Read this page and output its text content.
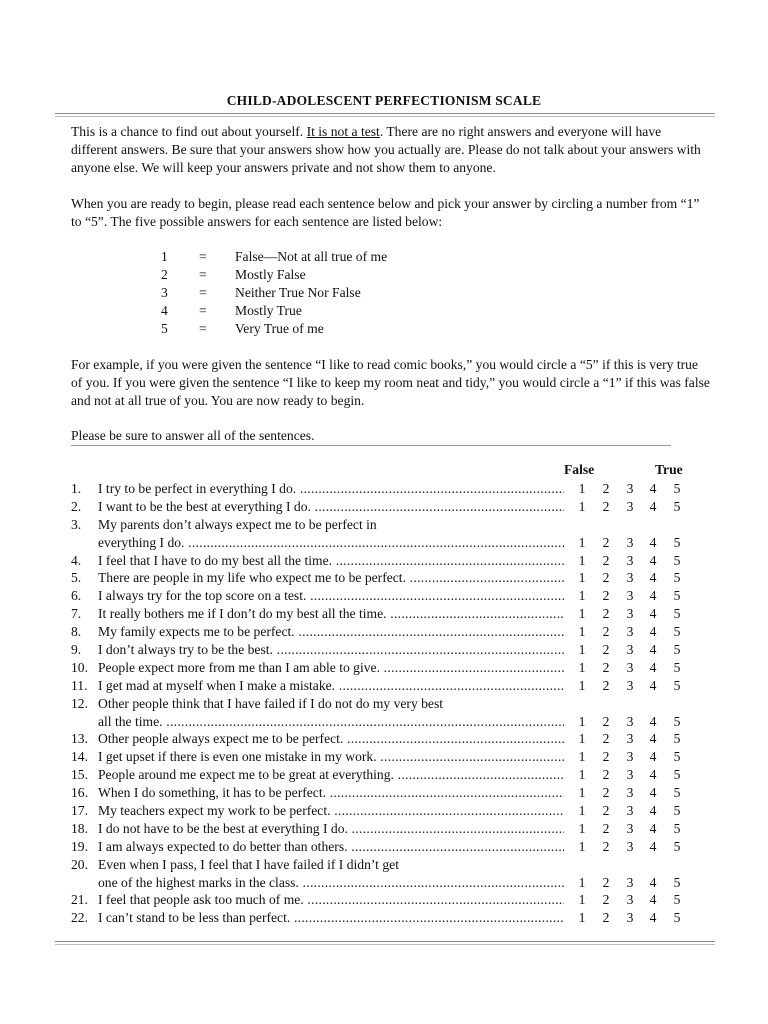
CHILD-ADOLESCENT PERFECTIONISM SCALE
This is a chance to find out about yourself. It is not a test. There are no right answers and everyone will have different answers. Be sure that your answers show how you actually are. Please do not talk about your answers with anyone else. We will keep your answers private and not show them to anyone.
When you are ready to begin, please read each sentence below and pick your answer by circling a number from “1” to “5”. The five possible answers for each sentence are listed below:
1 = False—Not at all true of me
2 = Mostly False
3 = Neither True Nor False
4 = Mostly True
5 = Very True of me
For example, if you were given the sentence “I like to read comic books,” you would circle a “5” if this is very true of you. If you were given the sentence “I like to keep my room neat and tidy,” you would circle a “1” if this was false and not at all true of you. You are now ready to begin.
Please be sure to answer all of the sentences.
False	True
1.	I try to be perfect in everything I do. .....	1 2 3 4 5
2.	I want to be the best at everything I do. .....	1 2 3 4 5
3.	My parents don’t always expect me to be perfect in
everything I do. .....	1 2 3 4 5
4.	I feel that I have to do my best all the time. .....	1 2 3 4 5
5.	There are people in my life who expect me to be perfect. .....	1 2 3 4 5
6.	I always try for the top score on a test. .....	1 2 3 4 5
7.	It really bothers me if I don’t do my best all the time. .....	1 2 3 4 5
8.	My family expects me to be perfect. .....	1 2 3 4 5
9.	I don’t always try to be the best. .....	1 2 3 4 5
10. People expect more from me than I am able to give. .....	1 2 3 4 5
11. I get mad at myself when I make a mistake. .....	1 2 3 4 5
12. Other people think that I have failed if I do not do my very best
all the time. .....	1 2 3 4 5
13. Other people always expect me to be perfect. .....	1 2 3 4 5
14. I get upset if there is even one mistake in my work. .....	1 2 3 4 5
15. People around me expect me to be great at everything. .....	1 2 3 4 5
16. When I do something, it has to be perfect. .....	1 2 3 4 5
17. My teachers expect my work to be perfect. .....	1 2 3 4 5
18. I do not have to be the best at everything I do. .....	1 2 3 4 5
19. I am always expected to do better than others. .....	1 2 3 4 5
20. Even when I pass, I feel that I have failed if I didn’t get
one of the highest marks in the class. .....	1 2 3 4 5
21. I feel that people ask too much of me. .....	1 2 3 4 5
22. I can’t stand to be less than perfect. .....	1 2 3 4 5
